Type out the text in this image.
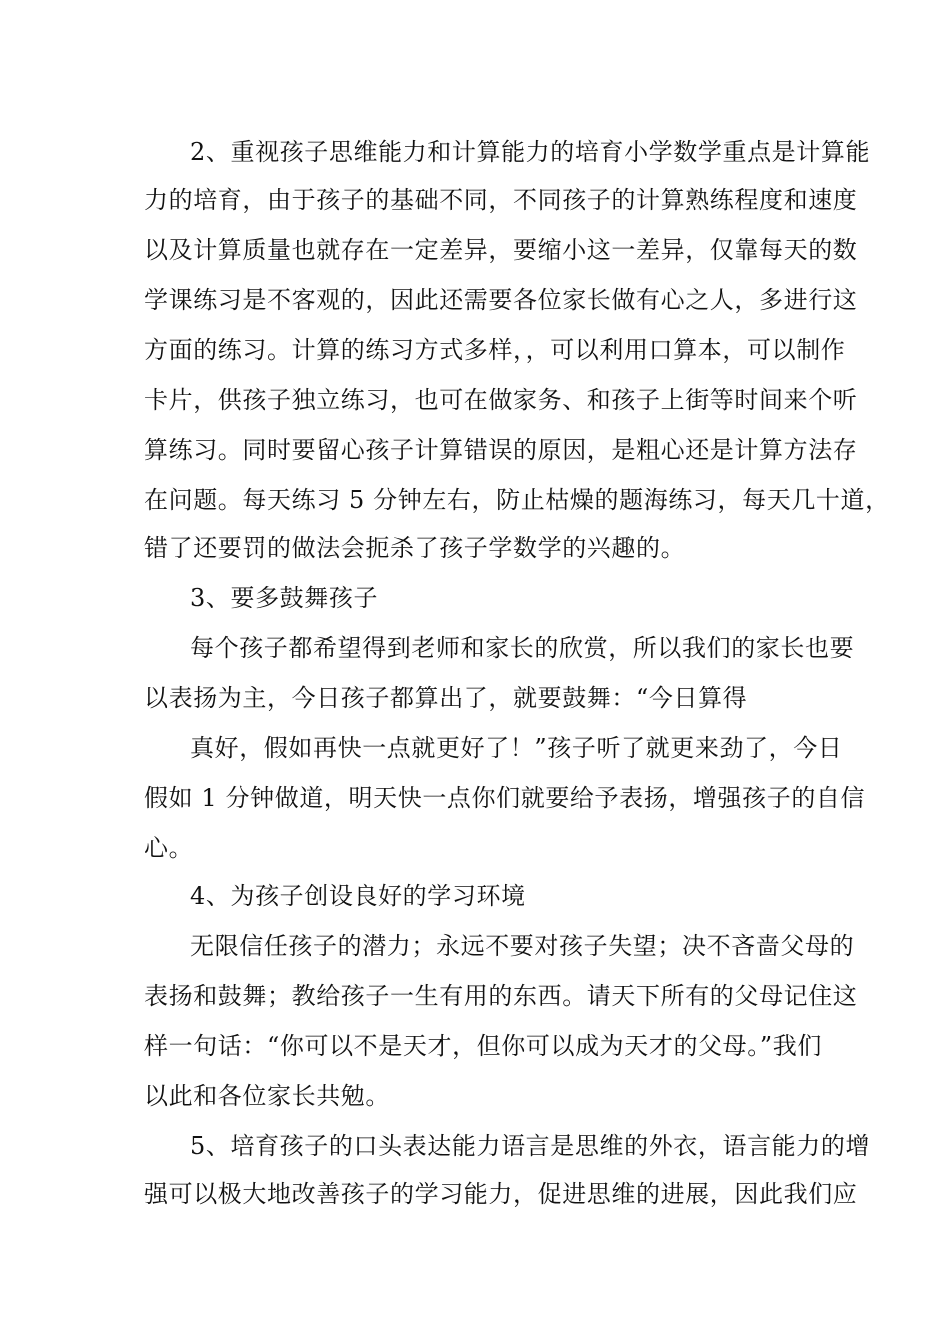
2、重视孩子思维能力和计算能力的培育小学数学重点是计算能
力的培育，由于孩子的基础不同，不同孩子的计算熟练程度和速度
以及计算质量也就存在一定差异，要缩小这一差异，仅靠每天的数
学课练习是不客观的，因此还需要各位家长做有心之人，多进行这
方面的练习。计算的练习方式多样，，可以利用口算本，可以制作
卡片，供孩子独立练习，也可在做家务、和孩子上街等时间来个听
算练习。同时要留心孩子计算错误的原因，是粗心还是计算方法存
在问题。每天练习 5 分钟左右，防止枯燥的题海练习，每天几十道，
错了还要罚的做法会扼杀了孩子学数学的兴趣的。
3、要多鼓舞孩子
每个孩子都希望得到老师和家长的欣赏，所以我们的家长也要
以表扬为主，今日孩子都算出了，就要鼓舞：“今日算得
真好，假如再快一点就更好了！”孩子听了就更来劲了，今日
假如 1 分钟做道，明天快一点你们就要给予表扬，增强孩子的自信
心。
4、为孩子创设良好的学习环境
无限信任孩子的潜力；永远不要对孩子失望；决不吝啬父母的
表扬和鼓舞；教给孩子一生有用的东西。请天下所有的父母记住这
样一句话：“你可以不是天才，但你可以成为天才的父母。”我们
以此和各位家长共勉。
5、培育孩子的口头表达能力语言是思维的外衣，语言能力的增
强可以极大地改善孩子的学习能力，促进思维的进展，因此我们应
